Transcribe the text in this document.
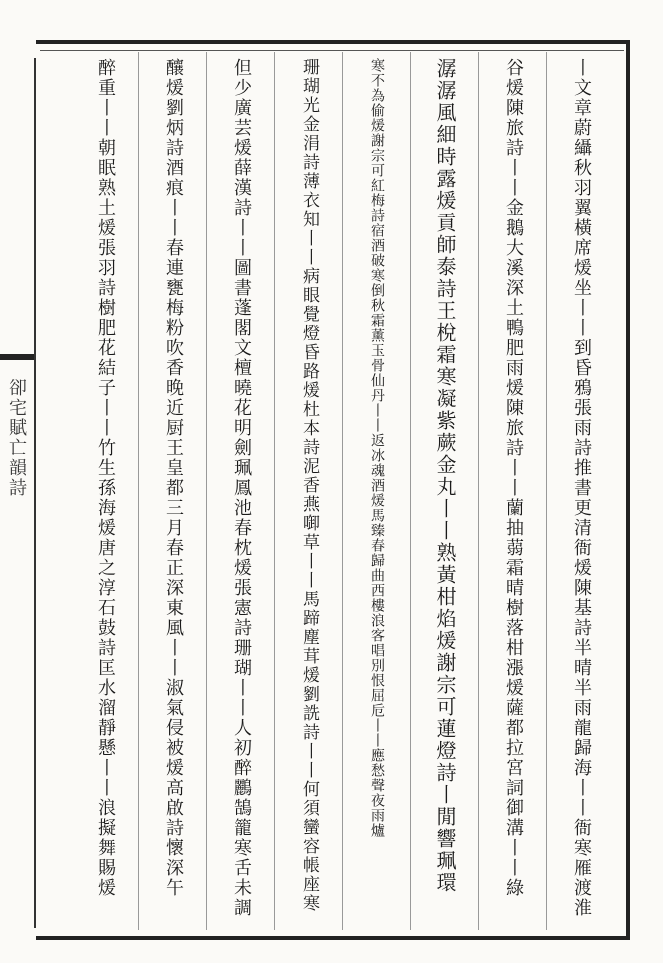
卻宅賦亡韻詩	丨文章蔚䌰秋羽翼橫席煖坐丨丨到昏鴉張雨詩推書更清衙煖陳基詩半晴半雨龍歸海丨丨衙寒雁渡淮
谷煖陳旅詩丨丨金鵝大溪深土鴨肥雨煖陳旅詩丨丨蘭抽蒻霜晴樹落柑漲煖薩都拉宮詞御溝丨丨綠
潺潺風細時露煖貢師泰詩王梲霜寒凝紫蕨金丸丨丨熟黃柑焰煖謝宗可蓮燈詩丨閒響珮環
寒不為偷煖謝宗可紅梅詩宿酒破寒倒秋霜薰玉骨仙丹丨丨返冰魂酒煖馬臻春歸曲西樓浪客唱別恨屈卮丨丨應愁聲夜雨爐
珊瑚光金涓詩薄衣知丨丨病眼覺燈昏路煖杜本詩泥香燕啣草丨丨馬蹄塵茸煖劉詵詩丨丨何須蠻容帳座寒
但少廣芸煖薛漢詩丨丨圖書蓬閣文檀曉花明劍珮鳳池春枕煖張憲詩珊瑚丨丨人初醉鸝鵠籠寒舌未調
釀煖劉炳詩酒痕丨丨春連甕梅粉吹香晚近厨王皇都三月春正深東風丨丨淑氣侵被煖高啟詩懷深午
醉重丨丨朝眠熟土煖張羽詩樹肥花結子丨丨竹生孫海煖唐之淳石鼓詩匡水溜靜懸丨丨浪擬舞賜煖
